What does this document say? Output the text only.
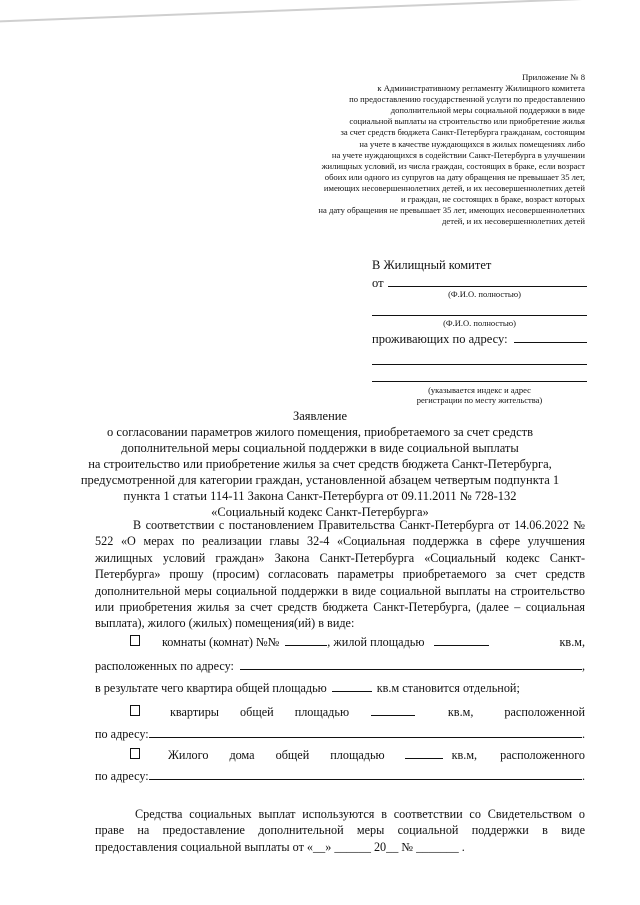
Приложение № 8
к Административному регламенту Жилищного комитета
по предоставлению государственной услуги по предоставлению
дополнительной меры социальной поддержки в виде
социальной выплаты на строительство или приобретение жилья
за счет средств бюджета Санкт-Петербурга гражданам, состоящим
на учете в качестве нуждающихся в жилых помещениях либо
на учете нуждающихся в содействии Санкт-Петербурга в улучшении
жилищных условий, из числа граждан, состоящих в браке, если возраст
обоих или одного из супругов на дату обращения не превышает 35 лет,
имеющих несовершеннолетних детей, и их несовершеннолетних детей
и граждан, не состоящих в браке, возраст которых
на дату обращения не превышает 35 лет, имеющих несовершеннолетних
детей, и их несовершеннолетних детей
В Жилищный комитет
от
(Ф.И.О. полностью)
(Ф.И.О. полностью)
проживающих по адресу:
(указывается индекс и адрес
регистрации по месту жительства)
Заявление
о согласовании параметров жилого помещения, приобретаемого за счет средств
дополнительной меры социальной поддержки в виде социальной выплаты
на строительство или приобретение жилья за счет средств бюджета Санкт-Петербурга,
предусмотренной для категории граждан, установленной абзацем четвертым подпункта 1
пункта 1 статьи 114-11 Закона Санкт-Петербурга от 09.11.2011 № 728-132
«Социальный кодекс Санкт-Петербурга»
В соответствии с постановлением Правительства Санкт-Петербурга от 14.06.2022 № 522 «О мерах по реализации главы 32-4 «Социальная поддержка в сфере улучшения жилищных условий граждан» Закона Санкт-Петербурга «Социальный кодекс Санкт-Петербурга» прошу (просим) согласовать параметры приобретаемого за счет средств дополнительной меры социальной поддержки в виде социальной выплаты на строительство или приобретения жилья за счет средств бюджета Санкт-Петербурга, (далее – социальная выплата), жилого (жилых) помещения(ий) в виде:
комнаты (комнат) №№	, жилой площадью	кв.м,
расположенных по адресу:	,
в результате чего квартира общей площадью	кв.м становится отдельной;
квартиры общей площадью	кв.м, расположенной
по адресу:	.
Жилого дома общей площадью	кв.м, расположенного
по адресу:	.
Средства социальных выплат используются в соответствии со Свидетельством о праве на предоставление дополнительной меры социальной поддержки в виде предоставления социальной выплаты от «__» ______ 20__ № _______ .
